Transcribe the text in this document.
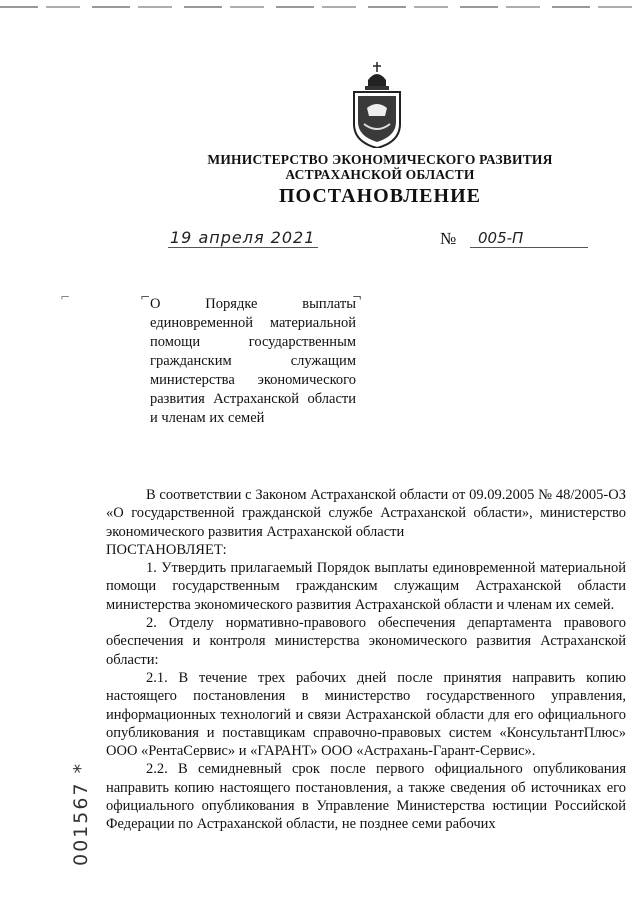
МИНИСТЕРСТВО ЭКОНОМИЧЕСКОГО РАЗВИТИЯ
АСТРАХАНСКОЙ ОБЛАСТИ
ПОСТАНОВЛЕНИЕ
19 апреля 2021	№ 005-П
⌐	¬
⌐	О Порядке выплаты единовременной материальной помощи государственным гражданским служащим министерства экономического развития Астраханской области и членам их семей

В соответствии с Законом Астраханской области от 09.09.2005 № 48/2005-ОЗ «О государственной гражданской службе Астраханской области», министерство экономического развития Астраханской области

ПОСТАНОВЛЯЕТ:

1. Утвердить прилагаемый Порядок выплаты единовременной материальной помощи государственным гражданским служащим Астраханской области министерства экономического развития Астраханской области и членам их семей.

2. Отделу нормативно-правового обеспечения департамента правового обеспечения и контроля министерства экономического развития Астраханской области:

2.1. В течение трех рабочих дней после принятия направить копию настоящего постановления в министерство государственного управления, информационных технологий и связи Астраханской области для его официального опубликования и поставщикам справочно-правовых систем «КонсультантПлюс» ООО «РентаСервис» и «ГАРАНТ» ООО «Астрахань-Гарант-Сервис».

2.2. В семидневный срок после первого официального опубликования направить копию настоящего постановления, а также сведения об источниках его официального опубликования в Управление Министерства юстиции Российской Федерации по Астраханской области, не позднее семи рабочих

001567 *
